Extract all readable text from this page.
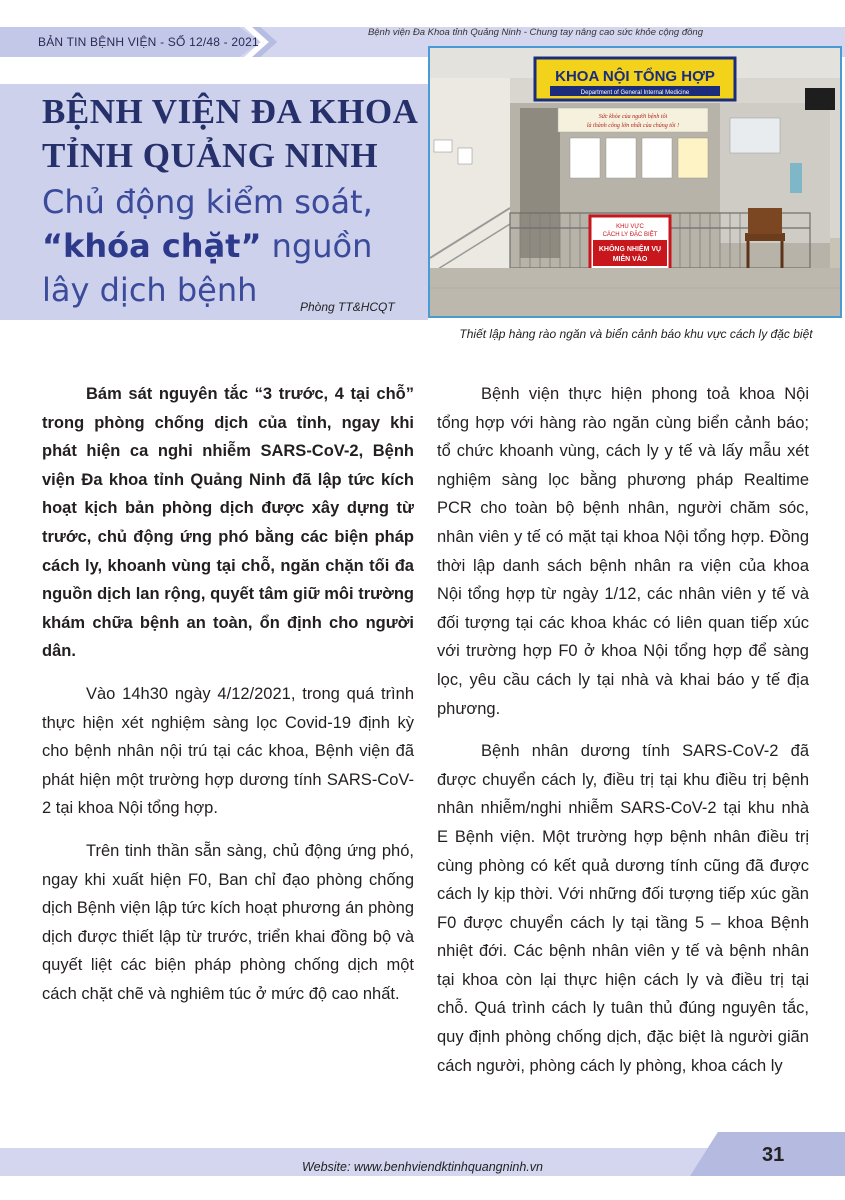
BẢN TIN BỆNH VIỆN - SỐ 12/48 - 2021
Bệnh viện Đa Khoa tỉnh Quảng Ninh - Chung tay nâng cao sức khỏe cộng đồng
BỆNH VIỆN ĐA KHOA
TỈNH QUẢNG NINH
Chủ động kiểm soát,
“khóa chặt” nguồn lây dịch bệnh	Phòng TT&HCQT
KHOA NỘI TỔNG HỢP
Department of General Internal Medicine
Sức khỏe của người bệnh tôi
là thành công lớn nhất của chúng tôi !
KHU VỰC
CÁCH LY ĐẶC BIỆT
KHÔNG NHIỆM VỤ
MIỄN VÀO
Thiết lập hàng rào ngăn và biển cảnh báo khu vực cách ly đặc biệt

Bám sát nguyên tắc “3 trước, 4 tại chỗ” trong phòng chống dịch của tỉnh, ngay khi phát hiện ca nghi nhiễm SARS-CoV-2, Bệnh viện Đa khoa tỉnh Quảng Ninh đã lập tức kích hoạt kịch bản phòng dịch được xây dựng từ trước, chủ động ứng phó bằng các biện pháp cách ly, khoanh vùng tại chỗ, ngăn chặn tối đa nguồn dịch lan rộng, quyết tâm giữ môi trường khám chữa bệnh an toàn, ổn định cho người dân.

Vào 14h30 ngày 4/12/2021, trong quá trình thực hiện xét nghiệm sàng lọc Covid-19 định kỳ cho bệnh nhân nội trú tại các khoa, Bệnh viện đã phát hiện một trường hợp dương tính SARS-CoV-2 tại khoa Nội tổng hợp.

Trên tinh thần sẵn sàng, chủ động ứng phó, ngay khi xuất hiện F0, Ban chỉ đạo phòng chống dịch Bệnh viện lập tức kích hoạt phương án phòng dịch được thiết lập từ trước, triển khai đồng bộ và quyết liệt các biện pháp phòng chống dịch một cách chặt chẽ và nghiêm túc ở mức độ cao nhất.

Bệnh viện thực hiện phong toả khoa Nội tổng hợp với hàng rào ngăn cùng biển cảnh báo; tổ chức khoanh vùng, cách ly y tế và lấy mẫu xét nghiệm sàng lọc bằng phương pháp Realtime PCR cho toàn bộ bệnh nhân, người chăm sóc, nhân viên y tế có mặt tại khoa Nội tổng hợp. Đồng thời lập danh sách bệnh nhân ra viện của khoa Nội tổng hợp từ ngày 1/12, các nhân viên y tế và đối tượng tại các khoa khác có liên quan tiếp xúc với trường hợp F0 ở khoa Nội tổng hợp để sàng lọc, yêu cầu cách ly tại nhà và khai báo y tế địa phương.

Bệnh nhân dương tính SARS-CoV-2 đã được chuyển cách ly, điều trị tại khu điều trị bệnh nhân nhiễm/nghi nhiễm SARS-CoV-2 tại khu nhà E Bệnh viện. Một trường hợp bệnh nhân điều trị cùng phòng có kết quả dương tính cũng đã được cách ly kịp thời. Với những đối tượng tiếp xúc gần F0 được chuyển cách ly tại tầng 5 – khoa Bệnh nhiệt đới. Các bệnh nhân viên y tế và bệnh nhân tại khoa còn lại thực hiện cách ly và điều trị tại chỗ. Quá trình cách ly tuân thủ đúng nguyên tắc, quy định phòng chống dịch, đặc biệt là người giãn cách người, phòng cách ly phòng, khoa cách ly

31
Website: www.benhviendktinhquangninh.vn
